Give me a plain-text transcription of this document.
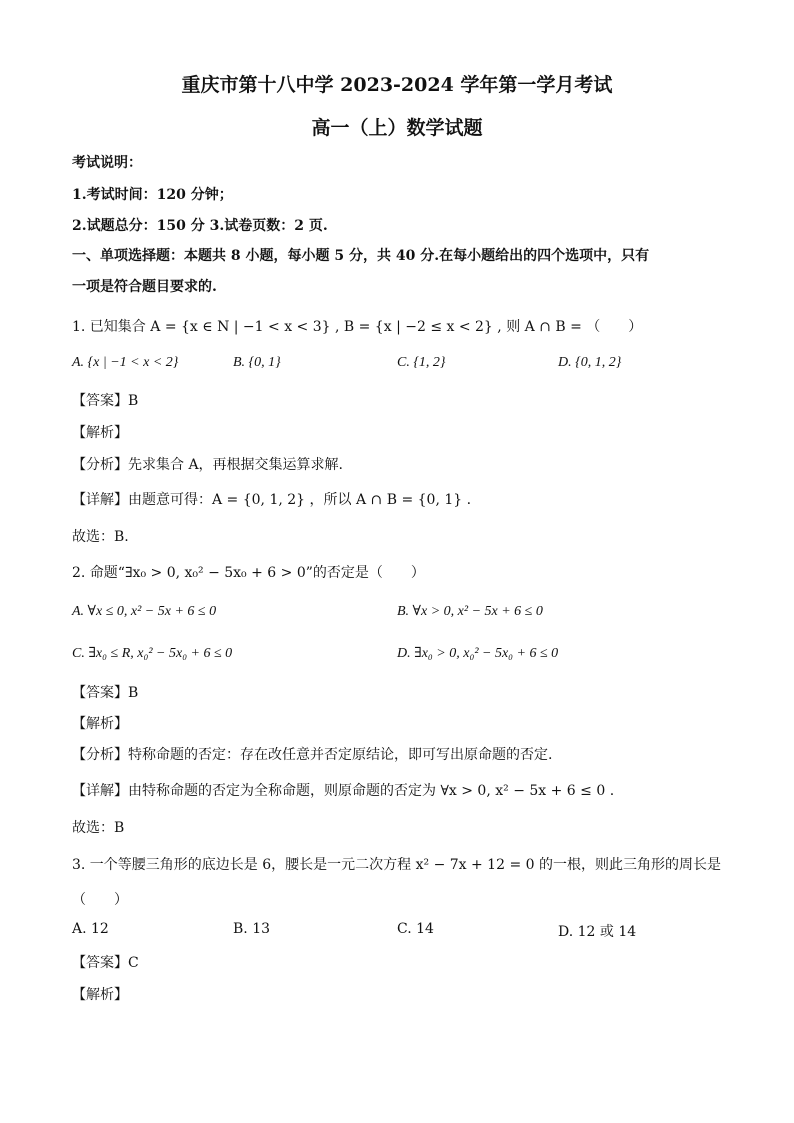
重庆市第十八中学 2023-2024 学年第一学月考试
高一（上）数学试题
考试说明：
1.考试时间：120 分钟；
2.试题总分：150 分 3.试卷页数：2 页.
一、单项选择题：本题共 8 小题，每小题 5 分，共 40 分.在每小题给出的四个选项中，只有
一项是符合题目要求的.
1. 已知集合 A = {x ∈ N | −1 < x < 3} , B = {x | −2 ≤ x < 2} , 则 A ∩ B = （　　）
A. {x | −1 < x < 2}	B. {0, 1}	C. {1, 2}	D. {0, 1, 2}
【答案】B
【解析】
【分析】先求集合 A，再根据交集运算求解.
【详解】由题意可得：A = {0, 1, 2} ，所以 A ∩ B = {0, 1} .
故选：B.
2. 命题“∃x₀ > 0, x₀² − 5x₀ + 6 > 0”的否定是（　　）
A. ∀x ≤ 0, x² − 5x + 6 ≤ 0	B. ∀x > 0, x² − 5x + 6 ≤ 0
C. ∃x₀ ≤ R, x₀² − 5x₀ + 6 ≤ 0	D. ∃x₀ > 0, x₀² − 5x₀ + 6 ≤ 0
【答案】B
【解析】
【分析】特称命题的否定：存在改任意并否定原结论，即可写出原命题的否定.
【详解】由特称命题的否定为全称命题，则原命题的否定为 ∀x > 0, x² − 5x + 6 ≤ 0 .
故选：B
3. 一个等腰三角形的底边长是 6，腰长是一元二次方程 x² − 7x + 12 = 0 的一根，则此三角形的周长是
（　　）
A. 12	B. 13	C. 14	D. 12 或 14
【答案】C
【解析】
